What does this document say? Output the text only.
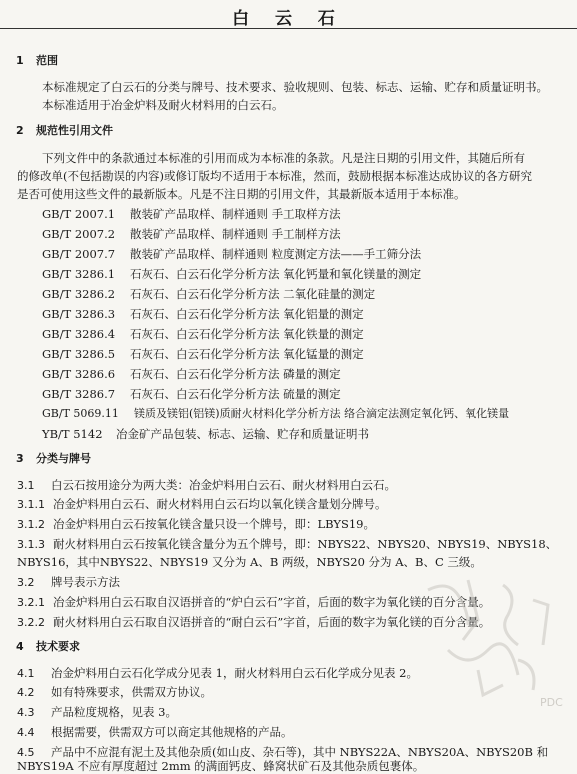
白 云 石
1 范围
本标准规定了白云石的分类与牌号、技术要求、验收规则、包装、标志、运输、贮存和质量证明书。
本标准适用于冶金炉料及耐火材料用的白云石。
2 规范性引用文件
下列文件中的条款通过本标准的引用而成为本标准的条款。凡是注日期的引用文件，其随后所有
的修改单(不包括勘误的内容)或修订版均不适用于本标准，然而，鼓励根据本标准达成协议的各方研究
是否可使用这些文件的最新版本。凡是不注日期的引用文件，其最新版本适用于本标准。
GB/T 2007.1 散装矿产品取样、制样通则 手工取样方法
GB/T 2007.2 散装矿产品取样、制样通则 手工制样方法
GB/T 2007.7 散装矿产品取样、制样通则 粒度测定方法——手工筛分法
GB/T 3286.1 石灰石、白云石化学分析方法 氧化钙量和氧化镁量的测定
GB/T 3286.2 石灰石、白云石化学分析方法 二氧化硅量的测定
GB/T 3286.3 石灰石、白云石化学分析方法 氧化铝量的测定
GB/T 3286.4 石灰石、白云石化学分析方法 氧化铁量的测定
GB/T 3286.5 石灰石、白云石化学分析方法 氧化锰量的测定
GB/T 3286.6 石灰石、白云石化学分析方法 磷量的测定
GB/T 3286.7 石灰石、白云石化学分析方法 硫量的测定
GB/T 5069.11 镁质及镁铝(铝镁)质耐火材料化学分析方法 络合滴定法测定氧化钙、氧化镁量
YB/T 5142 冶金矿产品包装、标志、运输、贮存和质量证明书
3 分类与牌号
3.1 白云石按用途分为两大类：冶金炉料用白云石、耐火材料用白云石。
3.1.1 冶金炉料用白云石、耐火材料用白云石均以氧化镁含量划分牌号。
3.1.2 冶金炉料用白云石按氧化镁含量只设一个牌号，即：LBYS19。
3.1.3 耐火材料用白云石按氧化镁含量分为五个牌号，即：NBYS22、NBYS20、NBYS19、NBYS18、
NBYS16，其中NBYS22、NBYS19 又分为 A、B 两级，NBYS20 分为 A、B、C 三级。
3.2 牌号表示方法
3.2.1 冶金炉料用白云石取自汉语拼音的“炉白云石”字首，后面的数字为氧化镁的百分含量。
3.2.2 耐火材料用白云石取自汉语拼音的“耐白云石”字首，后面的数字为氧化镁的百分含量。
4 技术要求
4.1 冶金炉料用白云石化学成分见表 1，耐火材料用白云石化学成分见表 2。
4.2 如有特殊要求，供需双方协议。
4.3 产品粒度规格，见表 3。
4.4 根据需要，供需双方可以商定其他规格的产品。
4.5 产品中不应混有泥土及其他杂质(如山皮、杂石等)，其中 NBYS22A、NBYS20A、NBYS20B 和
NBYS19A 不应有厚度超过 2mm 的满面钙皮、蜂窝状矿石及其他杂质包裹体。
PDC
